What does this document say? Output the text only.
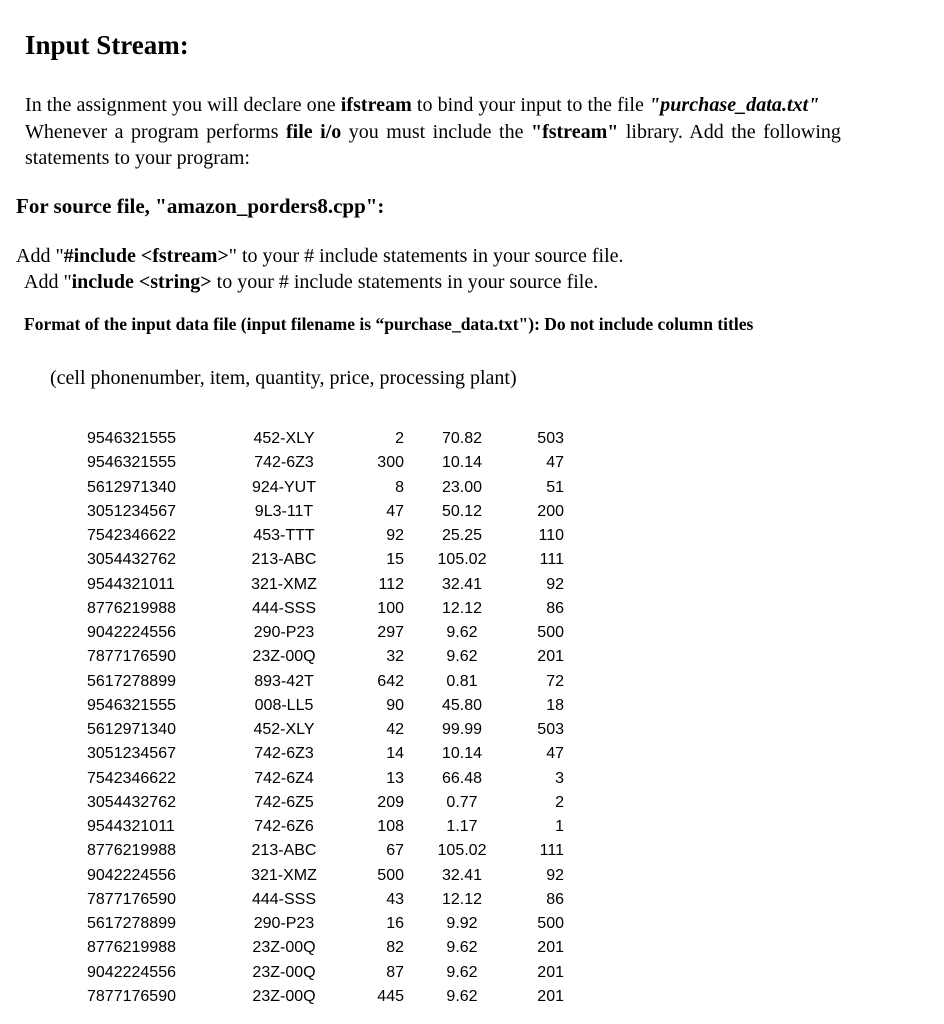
Input Stream:

In the assignment you will declare one ifstream to bind your input to the file "purchase_data.txt"
Whenever a program performs file i/o you must include the "fstream" library. Add the following
statements to your program:

For source file, "amazon_porders8.cpp":

Add "#include <fstream>" to your # include statements in your source file.

Add "include <string> to your # include statements in your source file.

Format of the input data file (input filename is “purchase_data.txt"): Do not include column titles

(cell phonenumber, item, quantity, price, processing plant)

9546321555	452-XLY	2	70.82	503
9546321555	742-6Z3	300	10.14	47
5612971340	924-YUT	8	23.00	51
3051234567	9L3-11T	47	50.12	200
7542346622	453-TTT	92	25.25	110
3054432762	213-ABC	15	105.02	111
9544321011	321-XMZ	112	32.41	92
8776219988	444-SSS	100	12.12	86
9042224556	290-P23	297	9.62	500
7877176590	23Z-00Q	32	9.62	201
5617278899	893-42T	642	0.81	72
9546321555	008-LL5	90	45.80	18
5612971340	452-XLY	42	99.99	503
3051234567	742-6Z3	14	10.14	47
7542346622	742-6Z4	13	66.48	3
3054432762	742-6Z5	209	0.77	2
9544321011	742-6Z6	108	1.17	1
8776219988	213-ABC	67	105.02	111
9042224556	321-XMZ	500	32.41	92
7877176590	444-SSS	43	12.12	86
5617278899	290-P23	16	9.92	500
8776219988	23Z-00Q	82	9.62	201
9042224556	23Z-00Q	87	9.62	201
7877176590	23Z-00Q	445	9.62	201
